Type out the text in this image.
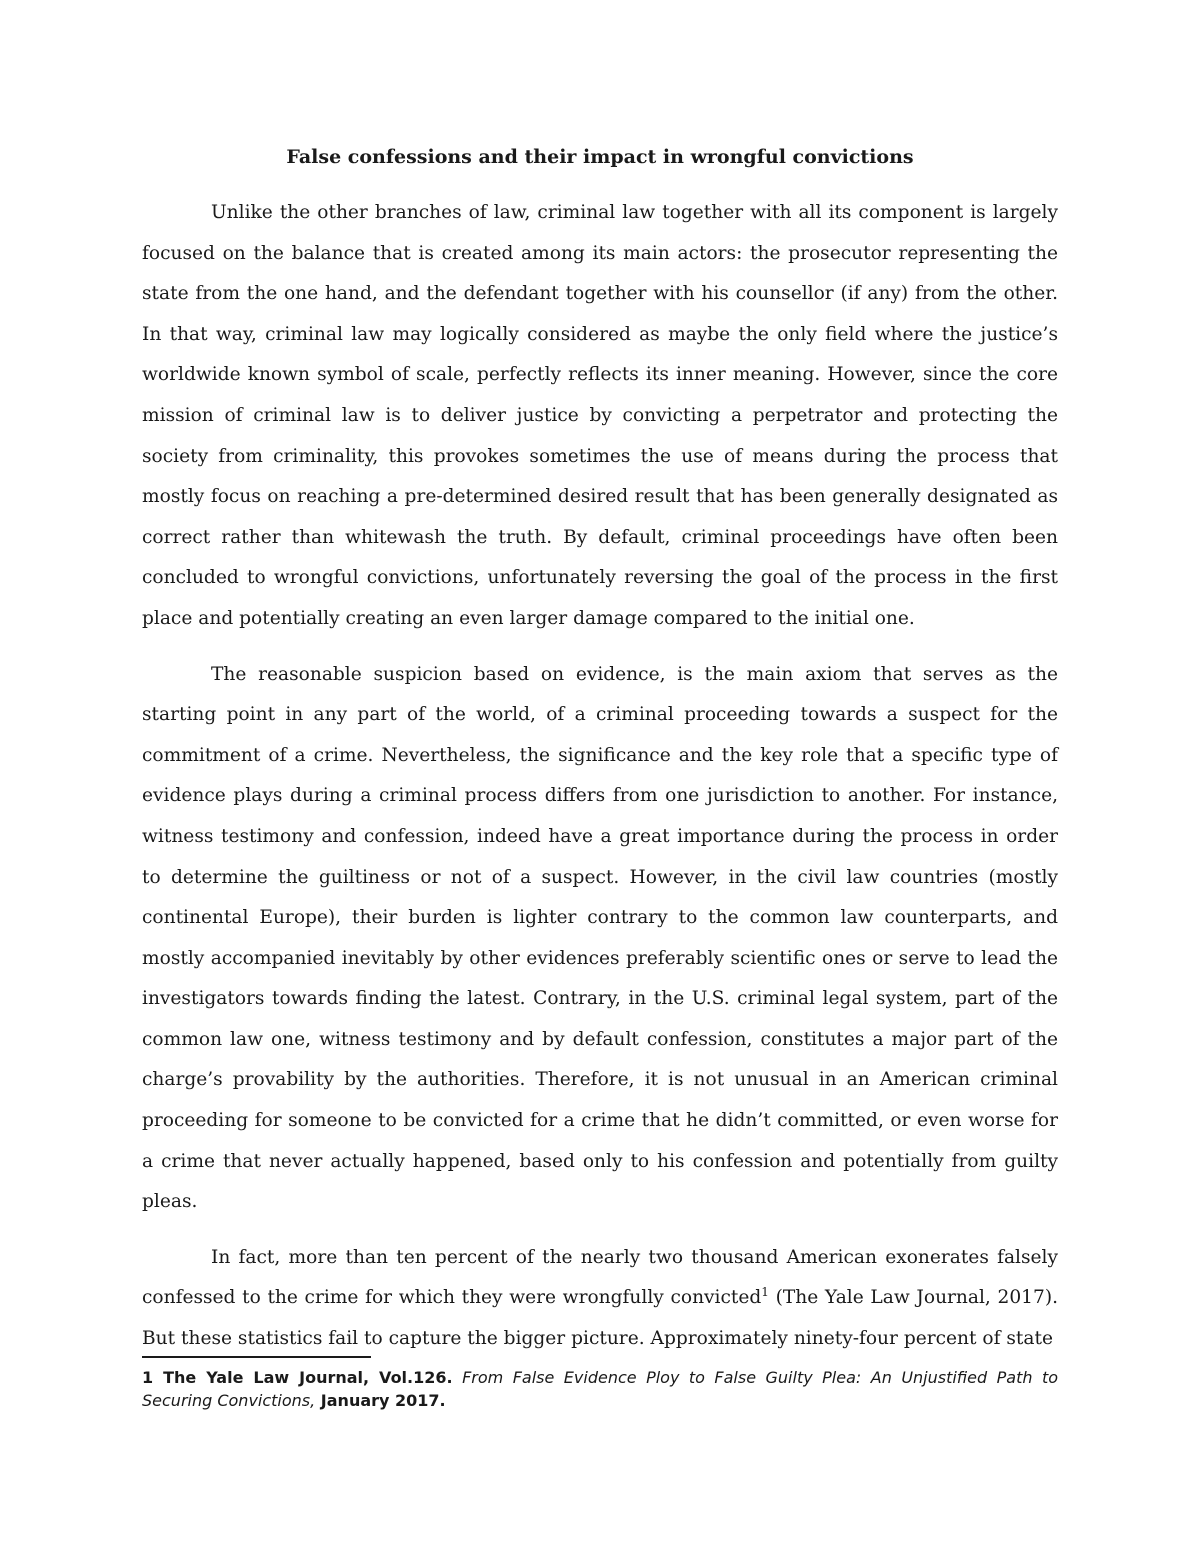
False confessions and their impact in wrongful convictions

Unlike the other branches of law, criminal law together with all its component is largely focused on the balance that is created among its main actors: the prosecutor representing the state from the one hand, and the defendant together with his counsellor (if any) from the other. In that way, criminal law may logically considered as maybe the only field where the justice’s worldwide known symbol of scale, perfectly reflects its inner meaning. However, since the core mission of criminal law is to deliver justice by convicting a perpetrator and protecting the society from criminality, this provokes sometimes the use of means during the process that mostly focus on reaching a pre-determined desired result that has been generally designated as correct rather than whitewash the truth. By default, criminal proceedings have often been concluded to wrongful convictions, unfortunately reversing the goal of the process in the first place and potentially creating an even larger damage compared to the initial one.

The reasonable suspicion based on evidence, is the main axiom that serves as the starting point in any part of the world, of a criminal proceeding towards a suspect for the commitment of a crime. Nevertheless, the significance and the key role that a specific type of evidence plays during a criminal process differs from one jurisdiction to another. For instance, witness testimony and confession, indeed have a great importance during the process in order to determine the guiltiness or not of a suspect. However, in the civil law countries (mostly continental Europe), their burden is lighter contrary to the common law counterparts, and mostly accompanied inevitably by other evidences preferably scientific ones or serve to lead the investigators towards finding the latest. Contrary, in the U.S. criminal legal system, part of the common law one, witness testimony and by default confession, constitutes a major part of the charge’s provability by the authorities. Therefore, it is not unusual in an American criminal proceeding for someone to be convicted for a crime that he didn’t committed, or even worse for a crime that never actually happened, based only to his confession and potentially from guilty pleas.

In fact, more than ten percent of the nearly two thousand American exonerates falsely confessed to the crime for which they were wrongfully convicted$^1$ (The Yale Law Journal, 2017). But these statistics fail to capture the bigger picture. Approximately ninety-four percent of state

1 The Yale Law Journal, Vol.126. From False Evidence Ploy to False Guilty Plea: An Unjustified Path to Securing Convictions, January 2017.
